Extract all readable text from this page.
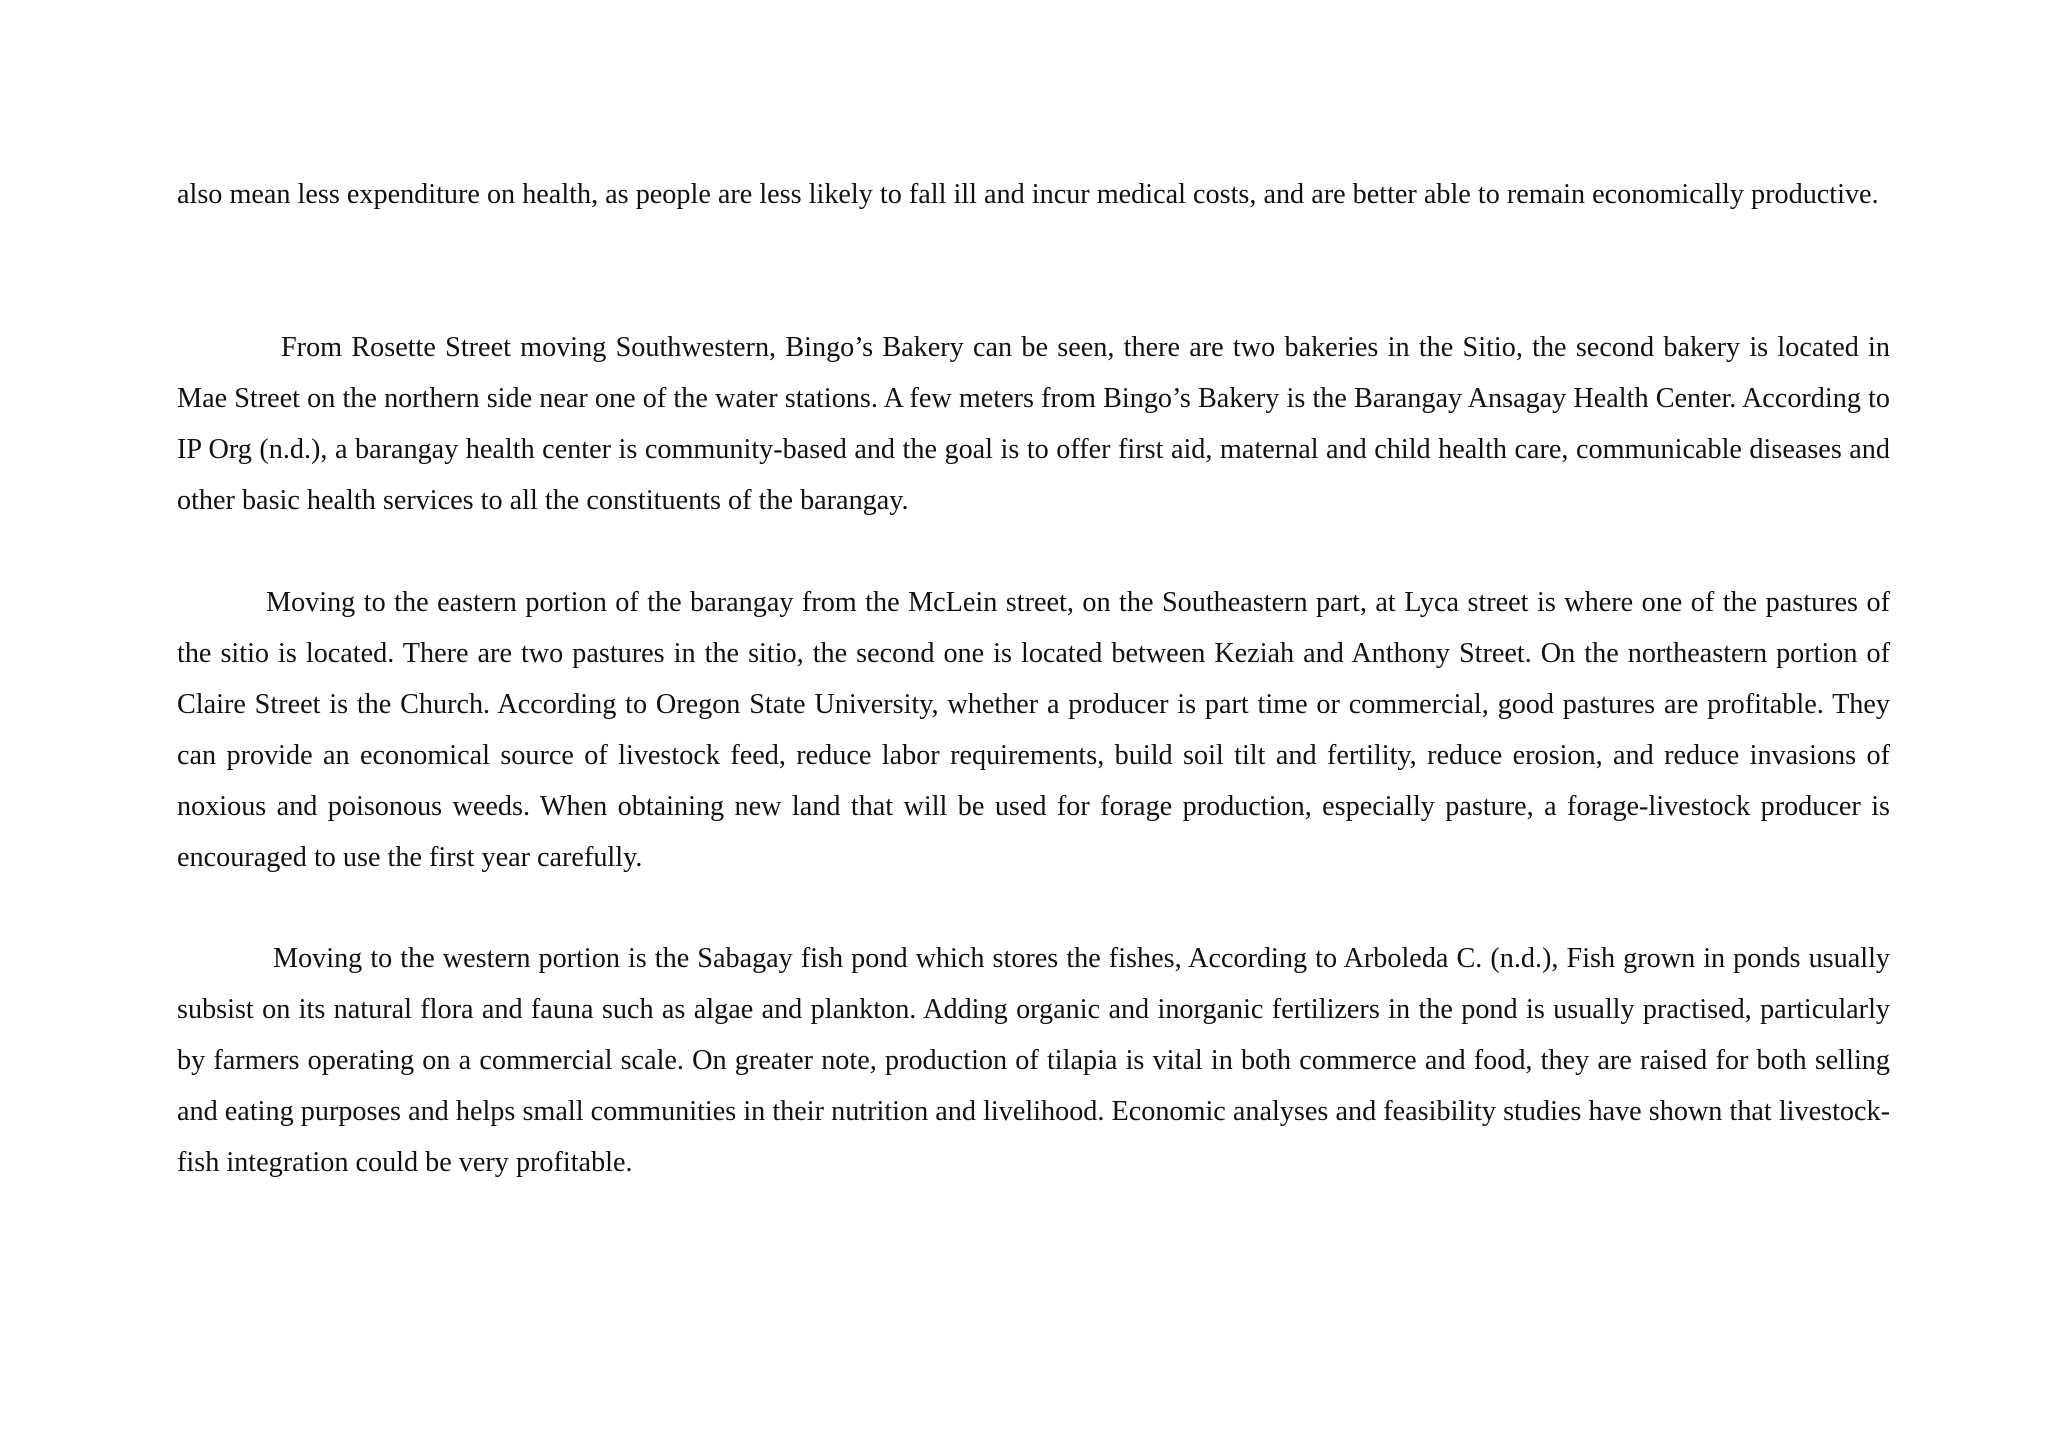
also mean less expenditure on health, as people are less likely to fall ill and incur medical costs, and are better able to remain economically productive.

From Rosette Street moving Southwestern, Bingo’s Bakery can be seen, there are two bakeries in the Sitio, the second bakery is located in Mae Street on the northern side near one of the water stations. A few meters from Bingo’s Bakery is the Barangay Ansagay Health Center. According to IP Org (n.d.), a barangay health center is community-based and the goal is to offer first aid, maternal and child health care, communicable diseases and other basic health services to all the constituents of the barangay.

Moving to the eastern portion of the barangay from the McLein street, on the Southeastern part, at Lyca street is where one of the pastures of the sitio is located. There are two pastures in the sitio, the second one is located between Keziah and Anthony Street. On the northeastern portion of Claire Street is the Church. According to Oregon State University, whether a producer is part time or commercial, good pastures are profitable. They can provide an economical source of livestock feed, reduce labor requirements, build soil tilt and fertility, reduce erosion, and reduce invasions of noxious and poisonous weeds. When obtaining new land that will be used for forage production, especially pasture, a forage-livestock producer is encouraged to use the first year carefully.

Moving to the western portion is the Sabagay fish pond which stores the fishes, According to Arboleda C. (n.d.), Fish grown in ponds usually subsist on its natural flora and fauna such as algae and plankton. Adding organic and inorganic fertilizers in the pond is usually practised, particularly by farmers operating on a commercial scale. On greater note, production of tilapia is vital in both commerce and food, they are raised for both selling and eating purposes and helps small communities in their nutrition and livelihood. Economic analyses and feasibility studies have shown that livestock-fish integration could be very profitable.
